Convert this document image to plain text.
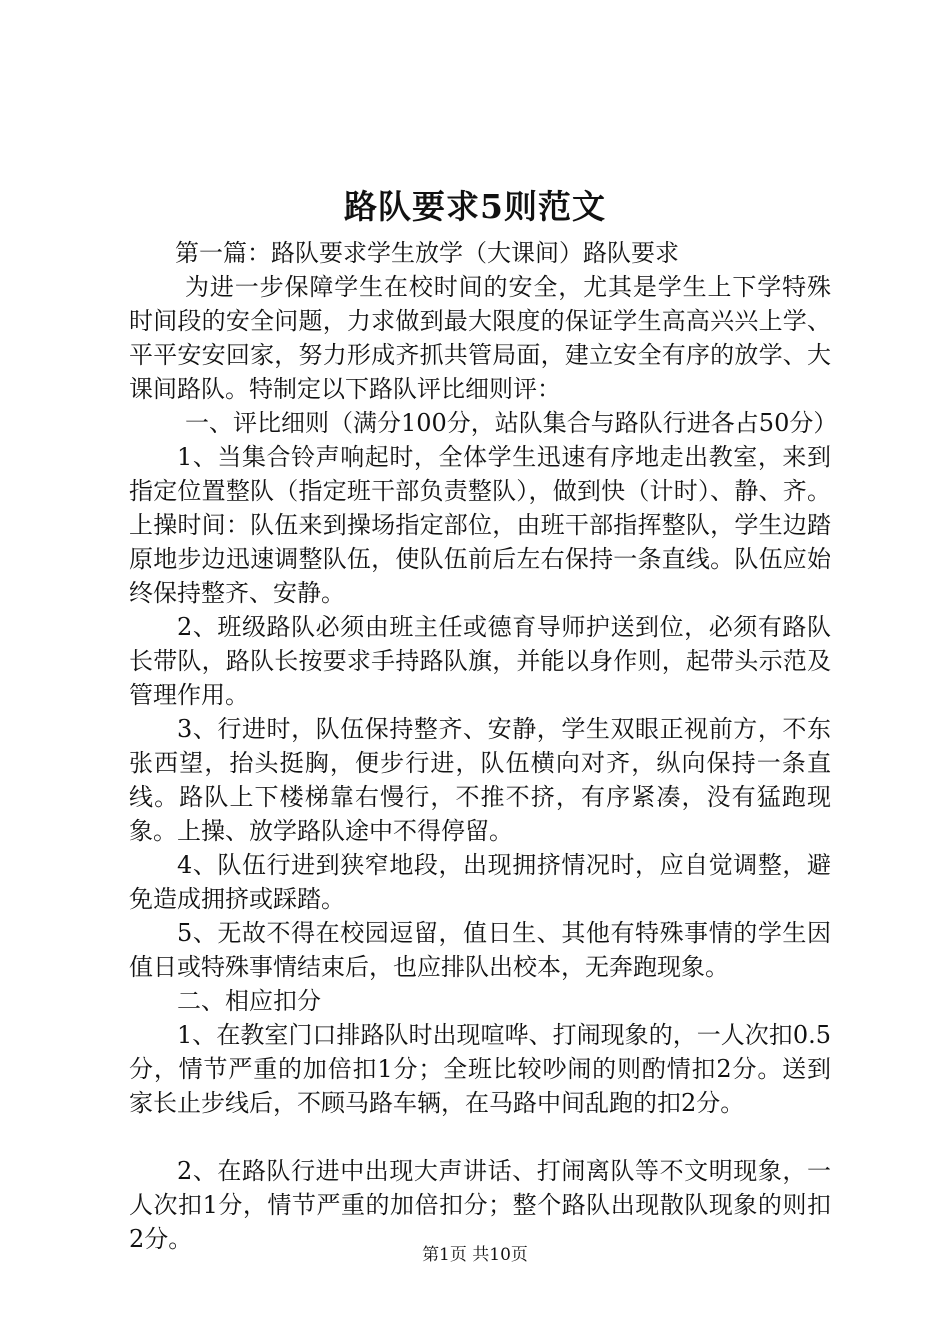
路队要求5则范文

第一篇：路队要求学生放学（大课间）路队要求

为进一步保障学生在校时间的安全，尤其是学生上下学特殊时间段的安全问题，力求做到最大限度的保证学生高高兴兴上学、平平安安回家，努力形成齐抓共管局面，建立安全有序的放学、大课间路队。特制定以下路队评比细则评：

一、评比细则（满分100分，站队集合与路队行进各占50分）

1、当集合铃声响起时，全体学生迅速有序地走出教室，来到指定位置整队（指定班干部负责整队），做到快（计时）、静、齐。上操时间：队伍来到操场指定部位，由班干部指挥整队，学生边踏原地步边迅速调整队伍，使队伍前后左右保持一条直线。队伍应始终保持整齐、安静。

2、班级路队必须由班主任或德育导师护送到位，必须有路队长带队，路队长按要求手持路队旗，并能以身作则，起带头示范及管理作用。

3、行进时，队伍保持整齐、安静，学生双眼正视前方，不东张西望，抬头挺胸，便步行进，队伍横向对齐，纵向保持一条直线。路队上下楼梯靠右慢行，不推不挤，有序紧凑，没有猛跑现象。上操、放学路队途中不得停留。

4、队伍行进到狭窄地段，出现拥挤情况时，应自觉调整，避免造成拥挤或踩踏。

5、无故不得在校园逗留，值日生、其他有特殊事情的学生因值日或特殊事情结束后，也应排队出校本，无奔跑现象。

二、相应扣分

1、在教室门口排路队时出现喧哗、打闹现象的，一人次扣0.5分，情节严重的加倍扣1分；全班比较吵闹的则酌情扣2分。送到家长止步线后，不顾马路车辆，在马路中间乱跑的扣2分。

2、在路队行进中出现大声讲话、打闹离队等不文明现象，一人次扣1分，情节严重的加倍扣分；整个路队出现散队现象的则扣2分。

第1页 共10页
